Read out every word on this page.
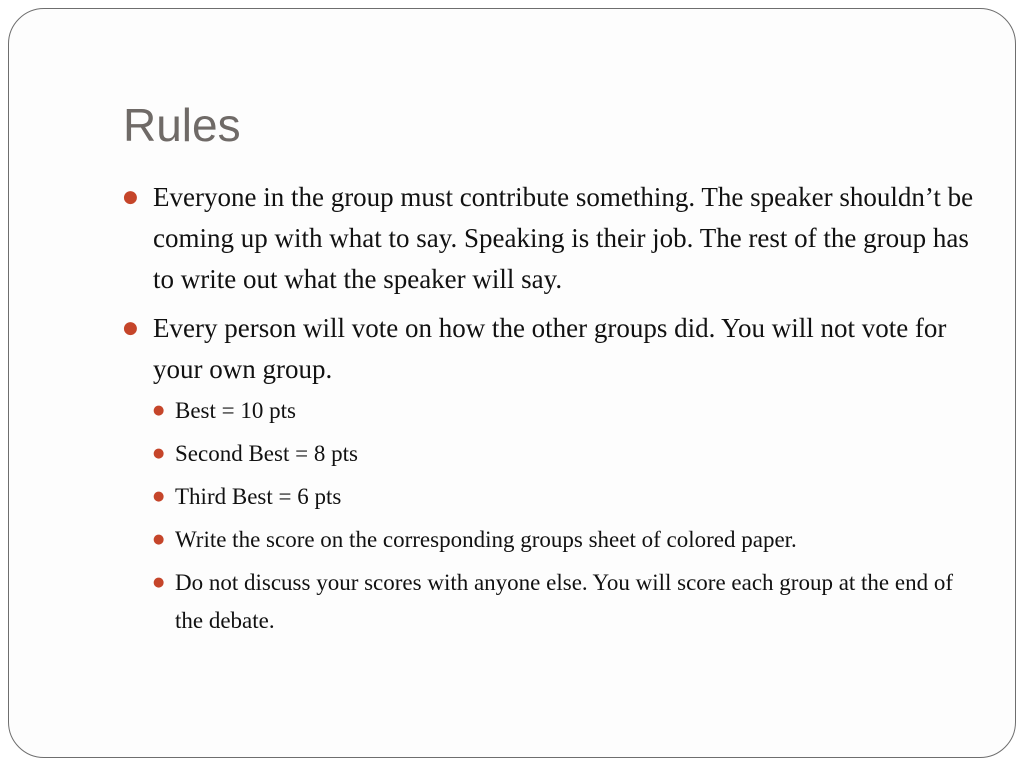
Rules
● Everyone in the group must contribute something. The speaker shouldn’t be coming up with what to say. Speaking is their job. The rest of the group has to write out what the speaker will say.
● Every person will vote on how the other groups did. You will not vote for your own group.
● Best = 10 pts
● Second Best = 8 pts
● Third Best = 6 pts
● Write the score on the corresponding groups sheet of colored paper.
● Do not discuss your scores with anyone else. You will score each group at the end of the debate.
